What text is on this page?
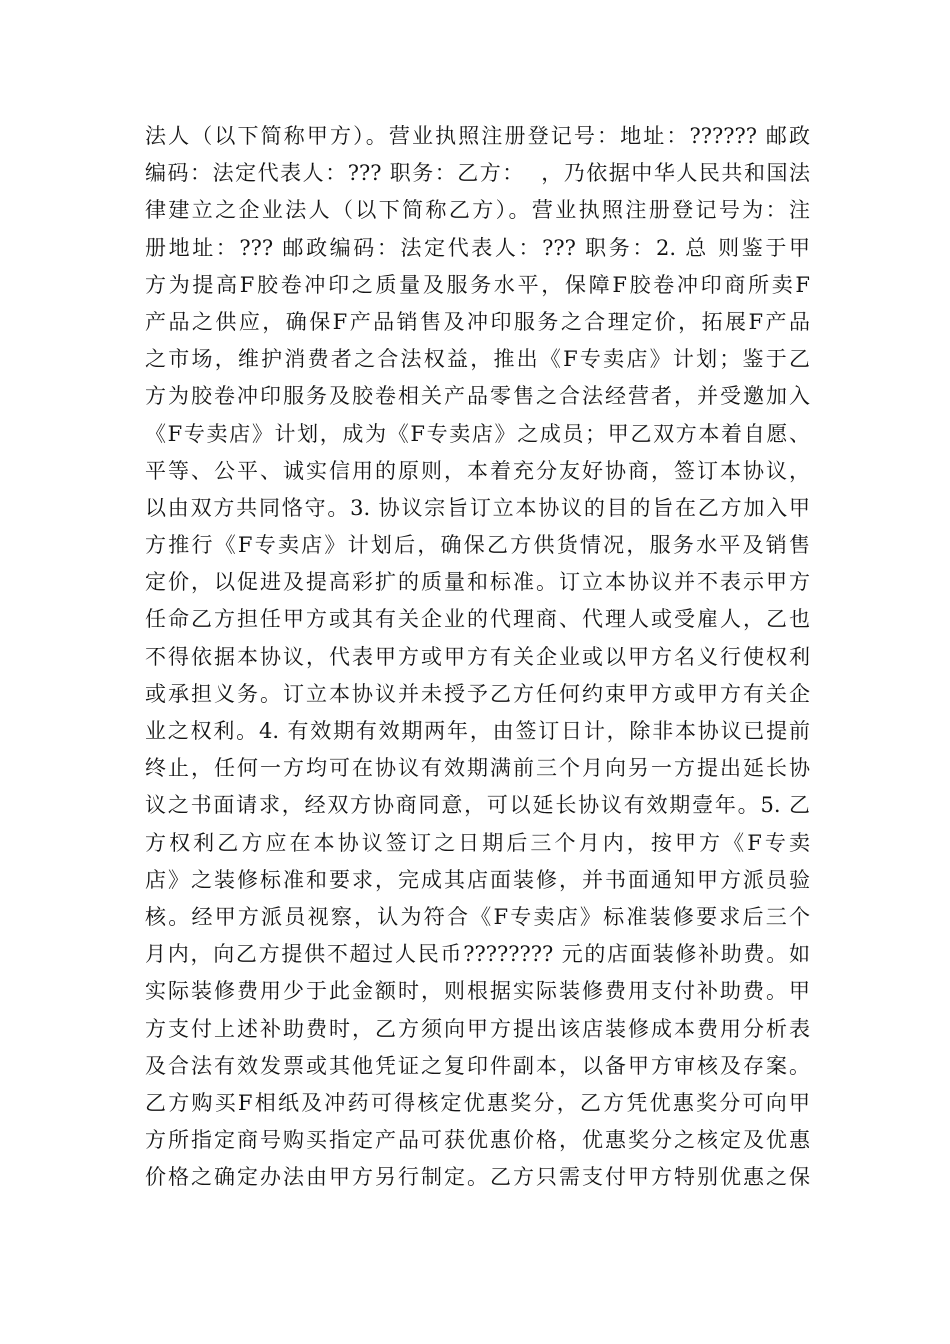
法人（以下简称甲方）。营业执照注册登记号：地址：?????? 邮政
编码：法定代表人：??? 职务：乙方：  ，乃依据中华人民共和国法
律建立之企业法人（以下简称乙方）。营业执照注册登记号为：注
册地址：??? 邮政编码：法定代表人：??? 职务：2. 总 则鉴于甲
方为提高F胶卷冲印之质量及服务水平，保障F胶卷冲印商所卖F
产品之供应，确保F产品销售及冲印服务之合理定价，拓展F产品
之市场，维护消费者之合法权益，推出《F专卖店》计划；鉴于乙
方为胶卷冲印服务及胶卷相关产品零售之合法经营者，并受邀加入
《F专卖店》计划，成为《F专卖店》之成员；甲乙双方本着自愿、
平等、公平、诚实信用的原则，本着充分友好协商，签订本协议，
以由双方共同恪守。3. 协议宗旨订立本协议的目的旨在乙方加入甲
方推行《F专卖店》计划后，确保乙方供货情况，服务水平及销售
定价，以促进及提高彩扩的质量和标准。订立本协议并不表示甲方
任命乙方担任甲方或其有关企业的代理商、代理人或受雇人，乙也
不得依据本协议，代表甲方或甲方有关企业或以甲方名义行使权利
或承担义务。订立本协议并未授予乙方任何约束甲方或甲方有关企
业之权利。4. 有效期有效期两年，由签订日计，除非本协议已提前
终止，任何一方均可在协议有效期满前三个月向另一方提出延长协
议之书面请求，经双方协商同意，可以延长协议有效期壹年。5. 乙
方权利乙方应在本协议签订之日期后三个月内，按甲方《F专卖
店》之装修标准和要求，完成其店面装修，并书面通知甲方派员验
核。经甲方派员视察，认为符合《F专卖店》标准装修要求后三个
月内，向乙方提供不超过人民币???????? 元的店面装修补助费。如
实际装修费用少于此金额时，则根据实际装修费用支付补助费。甲
方支付上述补助费时，乙方须向甲方提出该店装修成本费用分析表
及合法有效发票或其他凭证之复印件副本，以备甲方审核及存案。
乙方购买F相纸及冲药可得核定优惠奖分，乙方凭优惠奖分可向甲
方所指定商号购买指定产品可获优惠价格，优惠奖分之核定及优惠
价格之确定办法由甲方另行制定。乙方只需支付甲方特别优惠之保
